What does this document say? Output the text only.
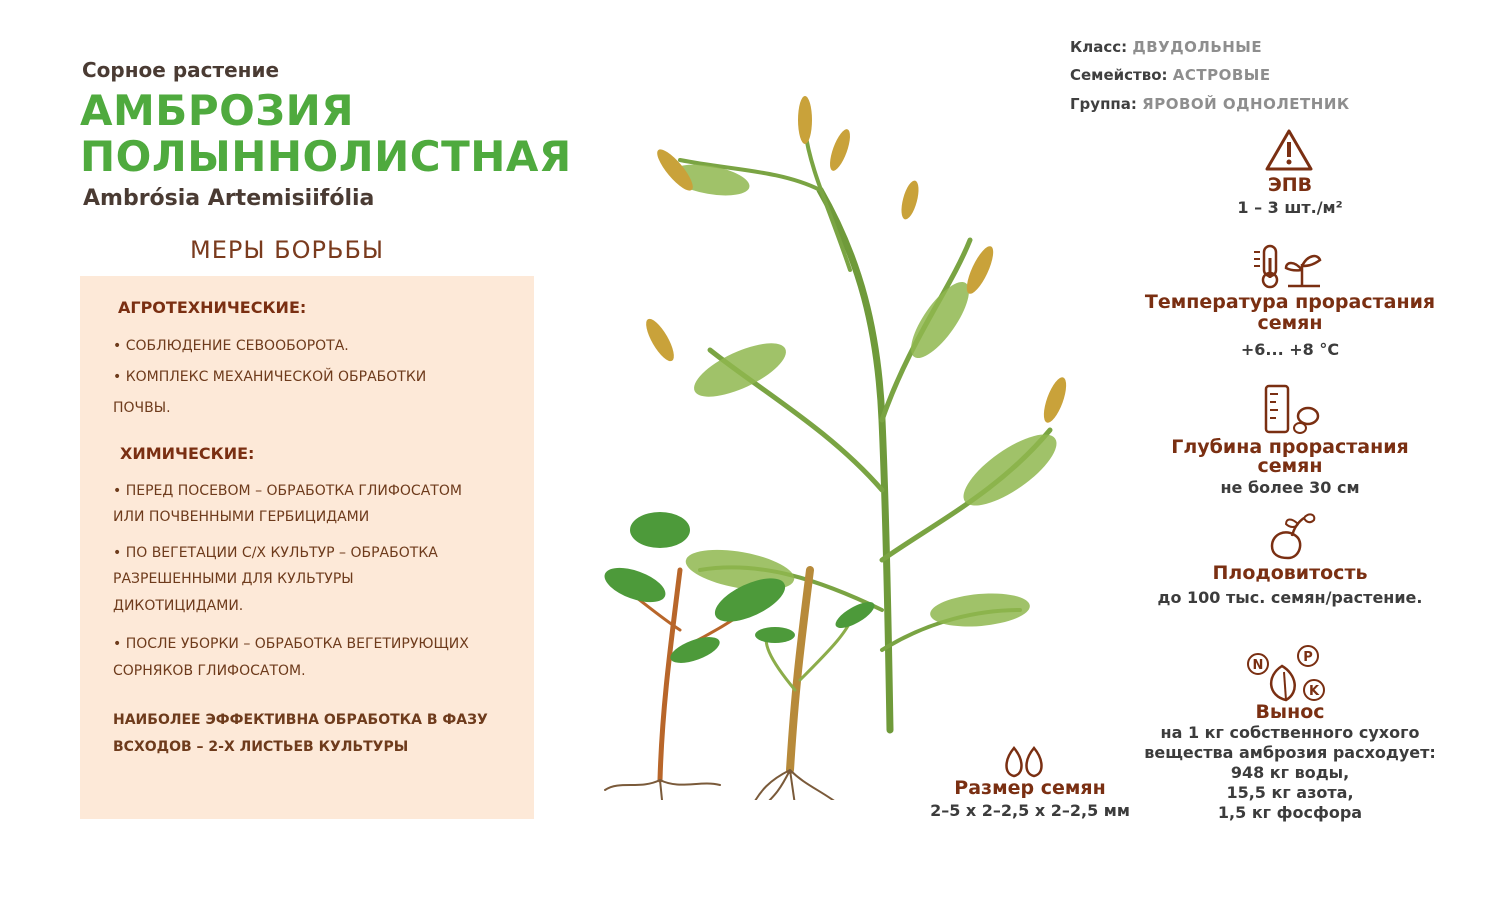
Сорное растение
АМБРОЗИЯ
ПОЛЫННОЛИСТНАЯ
Ambrósia Artemisiifólia
МЕРЫ БОРЬБЫ
АГРОТЕХНИЧЕСКИЕ:
• СОБЛЮДЕНИЕ СЕВООБОРОТА.
• КОМПЛЕКС МЕХАНИЧЕСКОЙ ОБРАБОТКИ
ПОЧВЫ.
ХИМИЧЕСКИЕ:
• ПЕРЕД ПОСЕВОМ – ОБРАБОТКА ГЛИФОСАТОМ
ИЛИ ПОЧВЕННЫМИ ГЕРБИЦИДАМИ
• ПО ВЕГЕТАЦИИ С/Х КУЛЬТУР – ОБРАБОТКА
РАЗРЕШЕННЫМИ ДЛЯ КУЛЬТУРЫ
ДИКОТИЦИДАМИ.
• ПОСЛЕ УБОРКИ – ОБРАБОТКА ВЕГЕТИРУЮЩИХ
СОРНЯКОВ ГЛИФОСАТОМ.
НАИБОЛЕЕ ЭФФЕКТИВНА ОБРАБОТКА В ФАЗУ
ВСХОДОВ – 2-Х ЛИСТЬЕВ КУЛЬТУРЫ
Класс: ДВУДОЛЬНЫЕ
Семейство: АСТРОВЫЕ
Группа: ЯРОВОЙ ОДНОЛЕТНИК
ЭПВ
1 – 3 шт./м²
Температура прорастания
семян
+6... +8 °С
Глубина прорастания
семян
не более 30 см
Плодовитость
до 100 тыс. семян/растение.
N
P
K
Вынос
на 1 кг собственного сухого
вещества амброзия расходует:
948 кг воды,
15,5 кг азота,
1,5 кг фосфора
Размер семян
2–5 х 2–2,5 х 2–2,5 мм
